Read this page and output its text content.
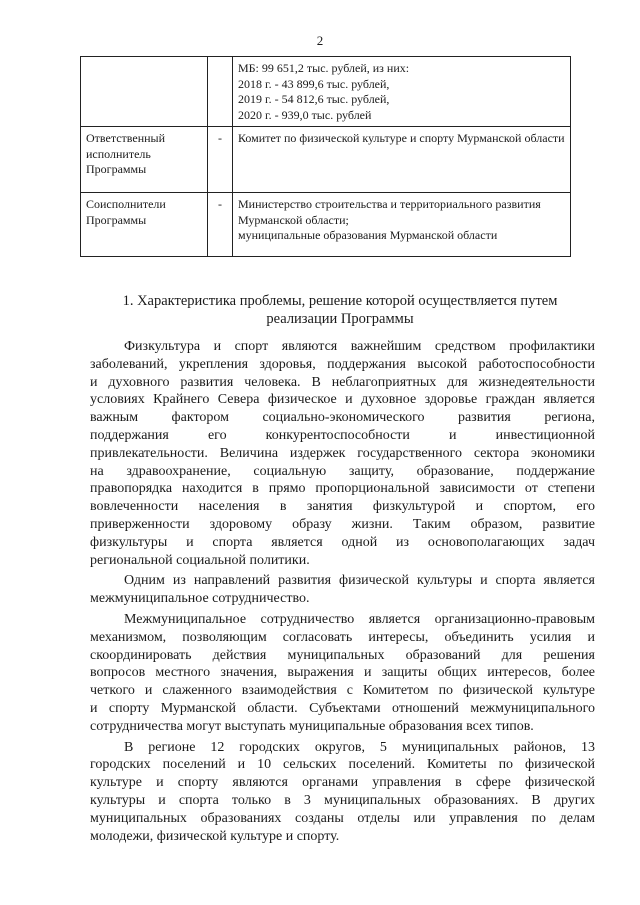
2

		МБ: 99 651,2 тыс. рублей, из них:
2018 г. - 43 899,6 тыс. рублей,
2019 г. - 54 812,6 тыс. рублей,
2020 г. - 939,0 тыс. рублей

Ответственный
исполнитель
Программы	-	Комитет по физической культуре и спорту Мурманской области

Соисполнители
Программы	-	Министерство строительства и территориального развития
Мурманской области;
муниципальные образования Мурманской области
1. Характеристика проблемы, решение которой осуществляется путем
реализации Программы

Физкультура и спорт являются важнейшим средством профилактики
заболеваний, укрепления здоровья, поддержания высокой работоспособности
и духовного развития человека. В неблагоприятных для жизнедеятельности
условиях Крайнего Севера физическое и духовное здоровье граждан является
важным фактором социально-экономического развития региона,
поддержания его конкурентоспособности и инвестиционной
привлекательности. Величина издержек государственного сектора экономики
на здравоохранение, социальную защиту, образование, поддержание
правопорядка находится в прямо пропорциональной зависимости от степени
вовлеченности населения в занятия физкультурой и спортом, его
приверженности здоровому образу жизни. Таким образом, развитие
физкультуры и спорта является одной из основополагающих задач
региональной социальной политики.

Одним из направлений развития физической культуры и спорта является
межмуниципальное сотрудничество.

Межмуниципальное сотрудничество является организационно-правовым
механизмом, позволяющим согласовать интересы, объединить усилия и
скоординировать действия муниципальных образований для решения
вопросов местного значения, выражения и защиты общих интересов, более
четкого и слаженного взаимодействия с Комитетом по физической культуре
и спорту Мурманской области. Субъектами отношений межмуниципального
сотрудничества могут выступать муниципальные образования всех типов.

В регионе 12 городских округов, 5 муниципальных районов, 13
городских поселений и 10 сельских поселений. Комитеты по физической
культуре и спорту являются органами управления в сфере физической
культуры и спорта только в 3 муниципальных образованиях. В других
муниципальных образованиях созданы отделы или управления по делам
молодежи, физической культуре и спорту.
